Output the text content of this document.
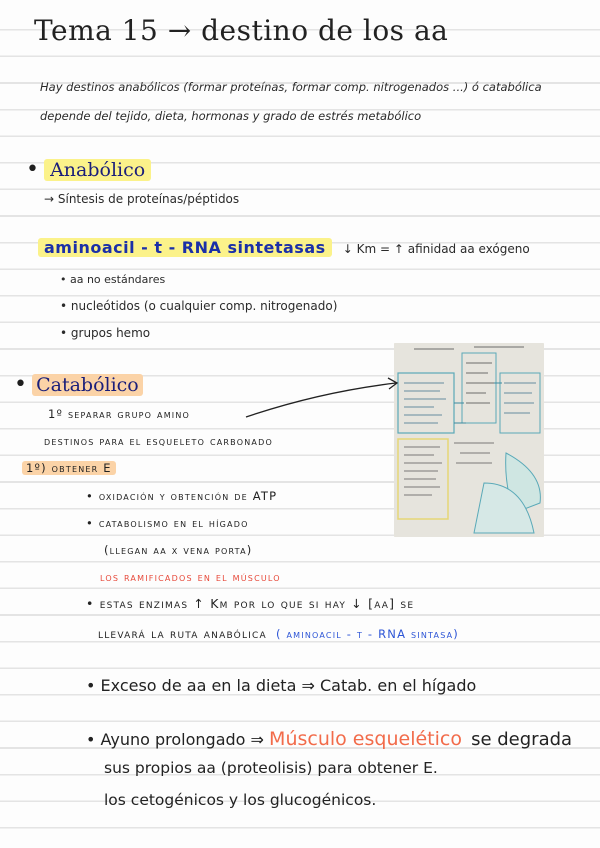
Tema 15 → destino de los aa
Hay destinos anabólicos (formar proteínas, formar comp. nitrogenados ...) ó catabólica
depende del tejido, dieta, hormonas y grado de estrés metabólico
• Anabólico
→ Síntesis de proteínas/péptidos
aminoacil - t - RNA sintetasas ↓ Km = ↑ afinidad aa exógeno
• aa no estándares
• nucleótidos (o cualquier comp. nitrogenado)
• grupos hemo
• Catabólico
1º separar grupo amino
destinos para el esqueleto carbonado
1º) obtener E
• oxidación y obtención de ATP
• catabolismo en el hígado
(llegan aa x vena porta)
los ramificados en el músculo
• estas enzimas ↑ Km por lo que si hay ↓ [aa] se
llevará la ruta anabólica ( aminoacil - t - RNA sintasa)
• Exceso de aa en la dieta ⇒ Catab. en el hígado
• Ayuno prolongado ⇒ Músculo esquelético se degrada
sus propios aa (proteolisis) para obtener E.
los cetogénicos y los glucogénicos.
